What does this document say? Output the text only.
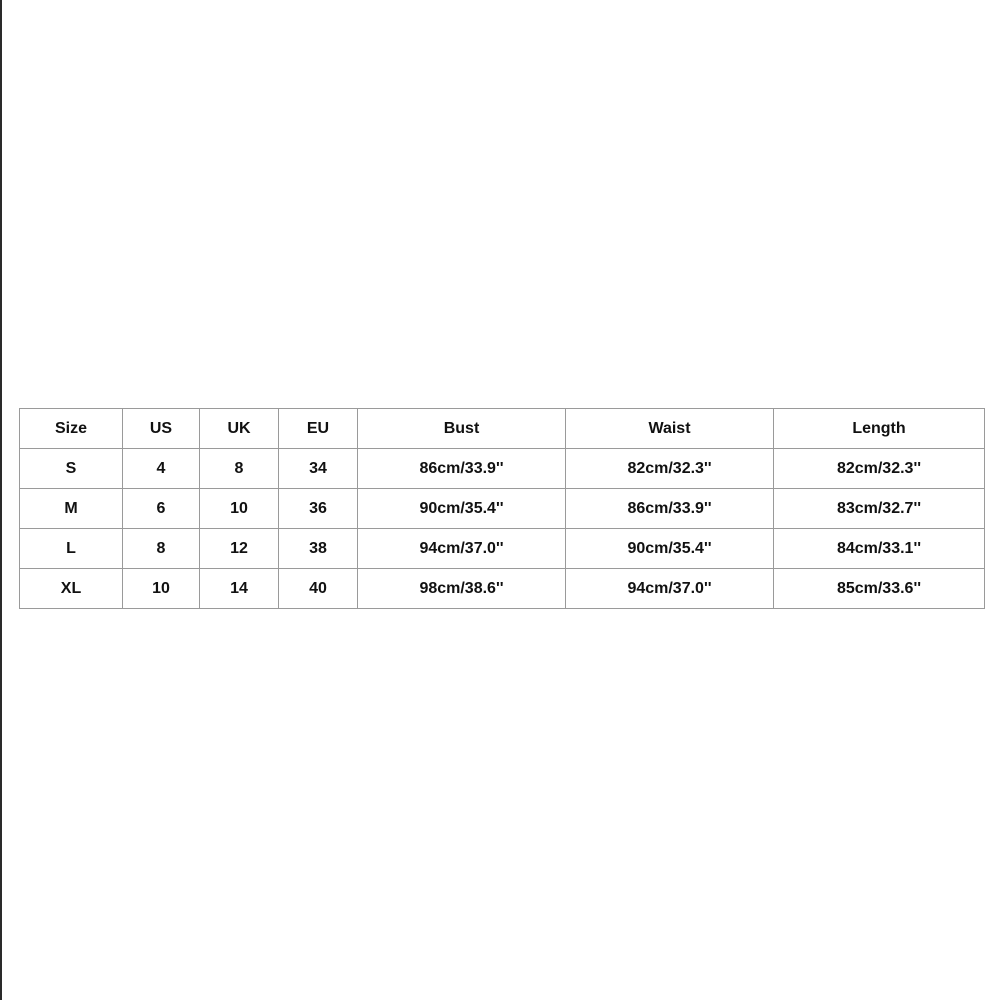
Size	US	UK	EU	Bust	Waist	Length
S	4	8	34	86cm/33.9''	82cm/32.3''	82cm/32.3''
M	6	10	36	90cm/35.4''	86cm/33.9''	83cm/32.7''
L	8	12	38	94cm/37.0''	90cm/35.4''	84cm/33.1''
XL	10	14	40	98cm/38.6''	94cm/37.0''	85cm/33.6''
